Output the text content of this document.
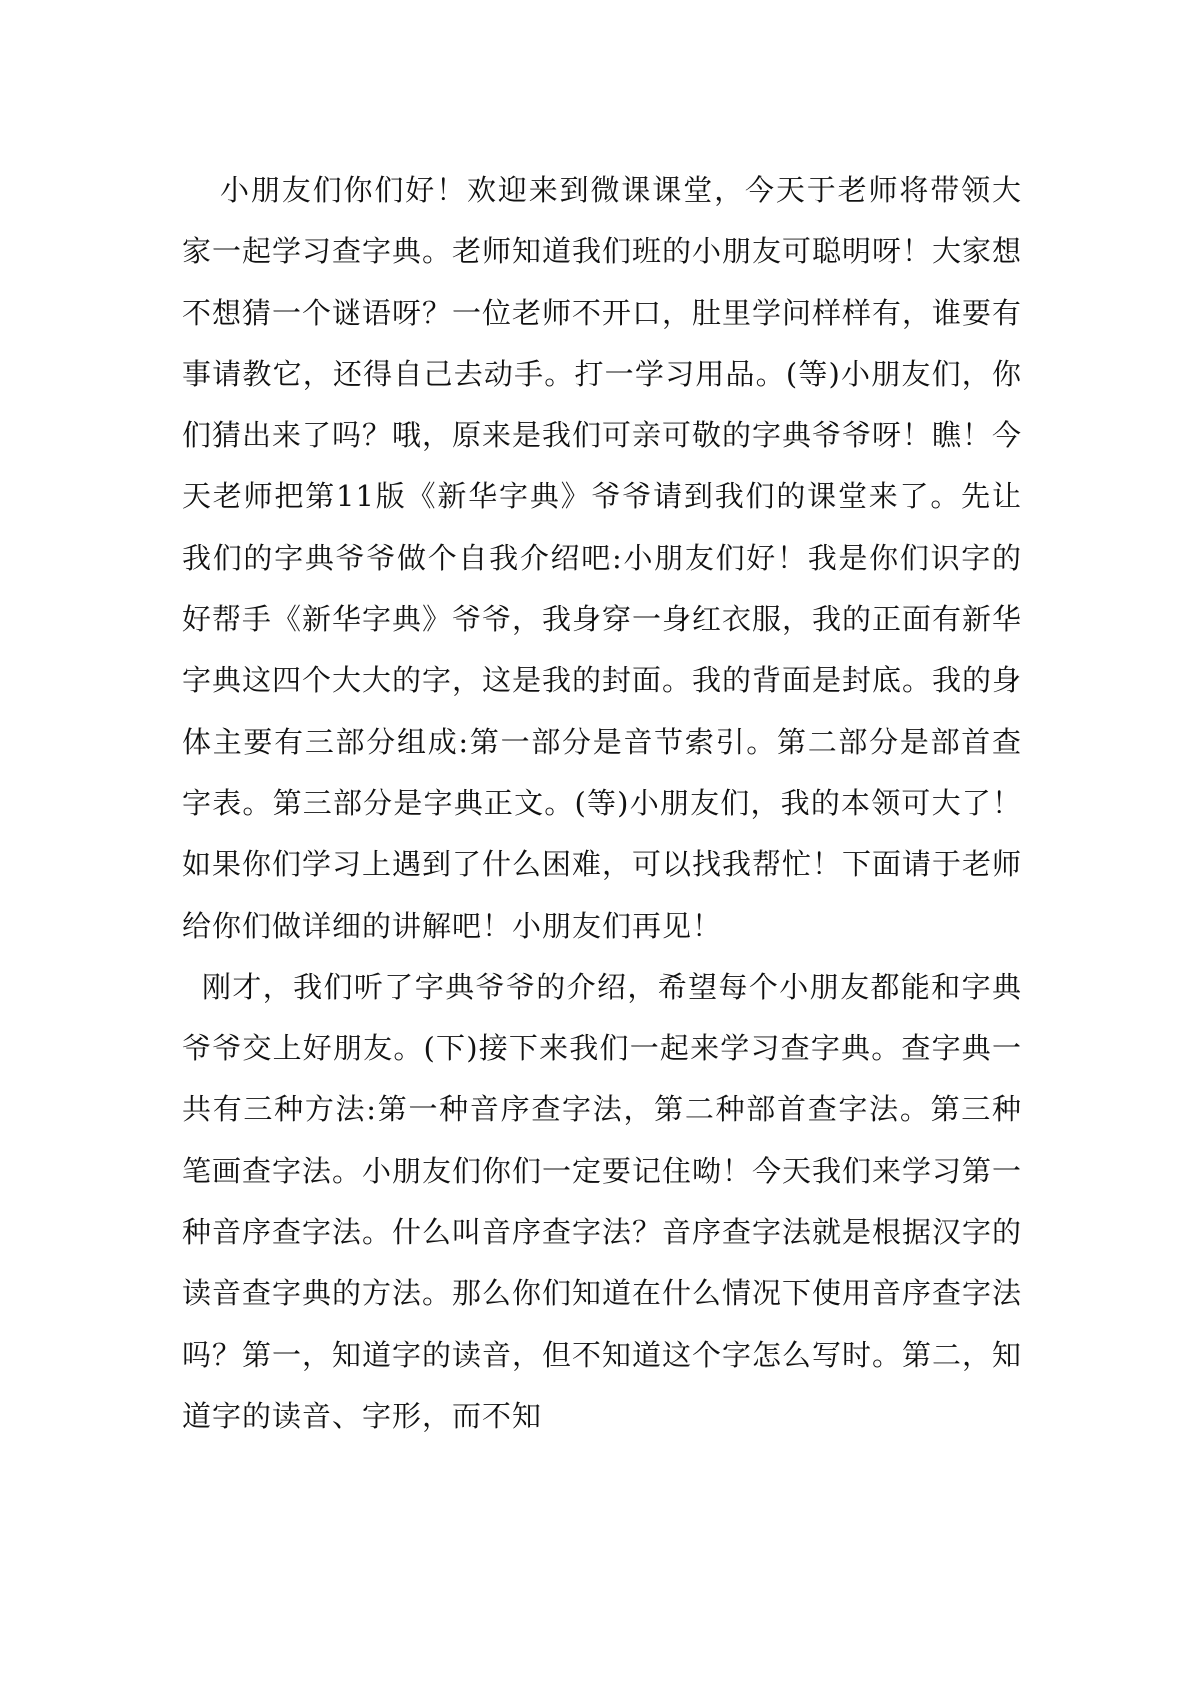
小朋友们你们好！欢迎来到微课课堂，今天于老师将带领大家一起学习查字典。老师知道我们班的小朋友可聪明呀！大家想不想猜一个谜语呀？一位老师不开口，肚里学问样样有，谁要有事请教它，还得自己去动手。打一学习用品。(等)小朋友们，你们猜出来了吗？哦，原来是我们可亲可敬的字典爷爷呀！瞧！今天老师把第11版《新华字典》爷爷请到我们的课堂来了。先让我们的字典爷爷做个自我介绍吧:小朋友们好！我是你们识字的好帮手《新华字典》爷爷，我身穿一身红衣服，我的正面有新华字典这四个大大的字，这是我的封面。我的背面是封底。我的身体主要有三部分组成:第一部分是音节索引。第二部分是部首查字表。第三部分是字典正文。(等)小朋友们，我的本领可大了！如果你们学习上遇到了什么困难，可以找我帮忙！下面请于老师给你们做详细的讲解吧！小朋友们再见！

刚才，我们听了字典爷爷的介绍，希望每个小朋友都能和字典爷爷交上好朋友。(下)接下来我们一起来学习查字典。查字典一共有三种方法:第一种音序查字法，第二种部首查字法。第三种笔画查字法。小朋友们你们一定要记住呦！今天我们来学习第一种音序查字法。什么叫音序查字法？音序查字法就是根据汉字的读音查字典的方法。那么你们知道在什么情况下使用音序查字法吗？第一，知道字的读音，但不知道这个字怎么写时。第二，知道字的读音、字形，而不知
